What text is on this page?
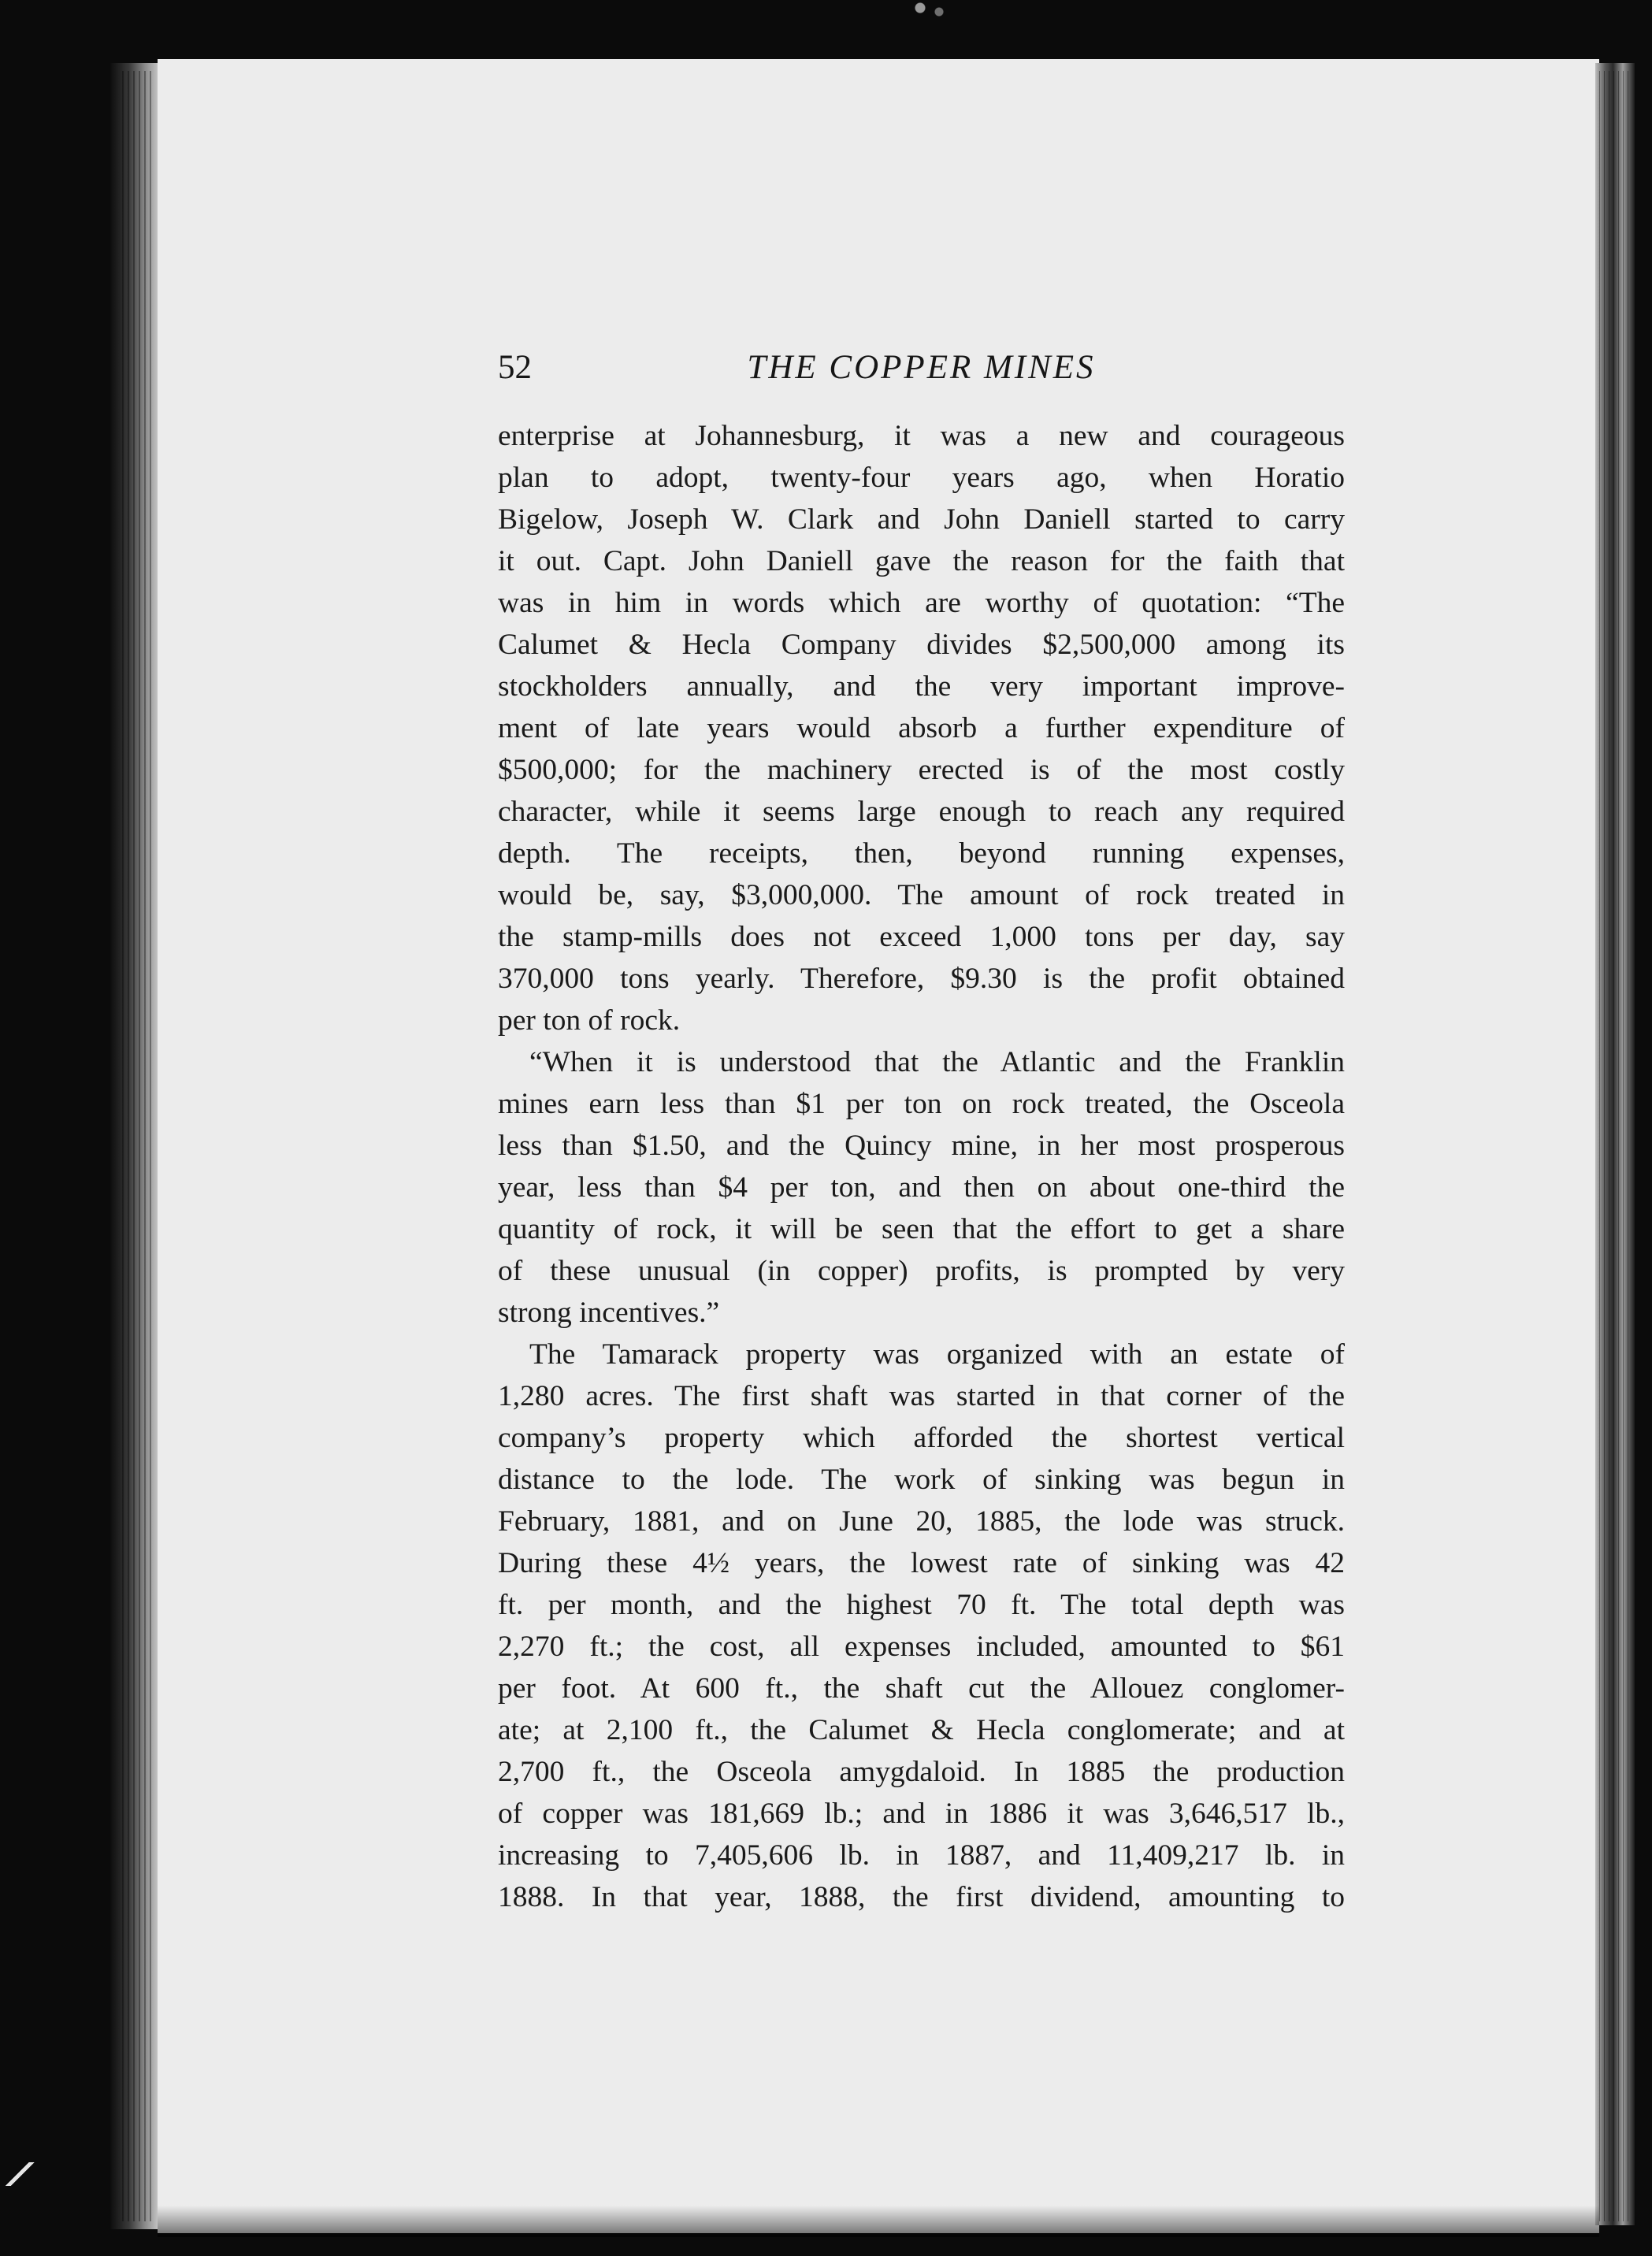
52	THE COPPER MINES
enterprise at Johannesburg, it was a new and courageous
plan to adopt, twenty-four years ago, when Horatio
Bigelow, Joseph W. Clark and John Daniell started to carry
it out. Capt. John Daniell gave the reason for the faith that
was in him in words which are worthy of quotation: “The
Calumet & Hecla Company divides $2,500,000 among its
stockholders annually, and the very important improve-
ment of late years would absorb a further expenditure of
$500,000; for the machinery erected is of the most costly
character, while it seems large enough to reach any required
depth. The receipts, then, beyond running expenses,
would be, say, $3,000,000. The amount of rock treated in
the stamp-mills does not exceed 1,000 tons per day, say
370,000 tons yearly. Therefore, $9.30 is the profit obtained
per ton of rock.
“When it is understood that the Atlantic and the Franklin
mines earn less than $1 per ton on rock treated, the Osceola
less than $1.50, and the Quincy mine, in her most prosperous
year, less than $4 per ton, and then on about one-third the
quantity of rock, it will be seen that the effort to get a share
of these unusual (in copper) profits, is prompted by very
strong incentives.”
The Tamarack property was organized with an estate of
1,280 acres. The first shaft was started in that corner of the
company’s property which afforded the shortest vertical
distance to the lode. The work of sinking was begun in
February, 1881, and on June 20, 1885, the lode was struck.
During these 4½ years, the lowest rate of sinking was 42
ft. per month, and the highest 70 ft. The total depth was
2,270 ft.; the cost, all expenses included, amounted to $61
per foot. At 600 ft., the shaft cut the Allouez conglomer-
ate; at 2,100 ft., the Calumet & Hecla conglomerate; and at
2,700 ft., the Osceola amygdaloid. In 1885 the production
of copper was 181,669 lb.; and in 1886 it was 3,646,517 lb.,
increasing to 7,405,606 lb. in 1887, and 11,409,217 lb. in
1888. In that year, 1888, the first dividend, amounting to
